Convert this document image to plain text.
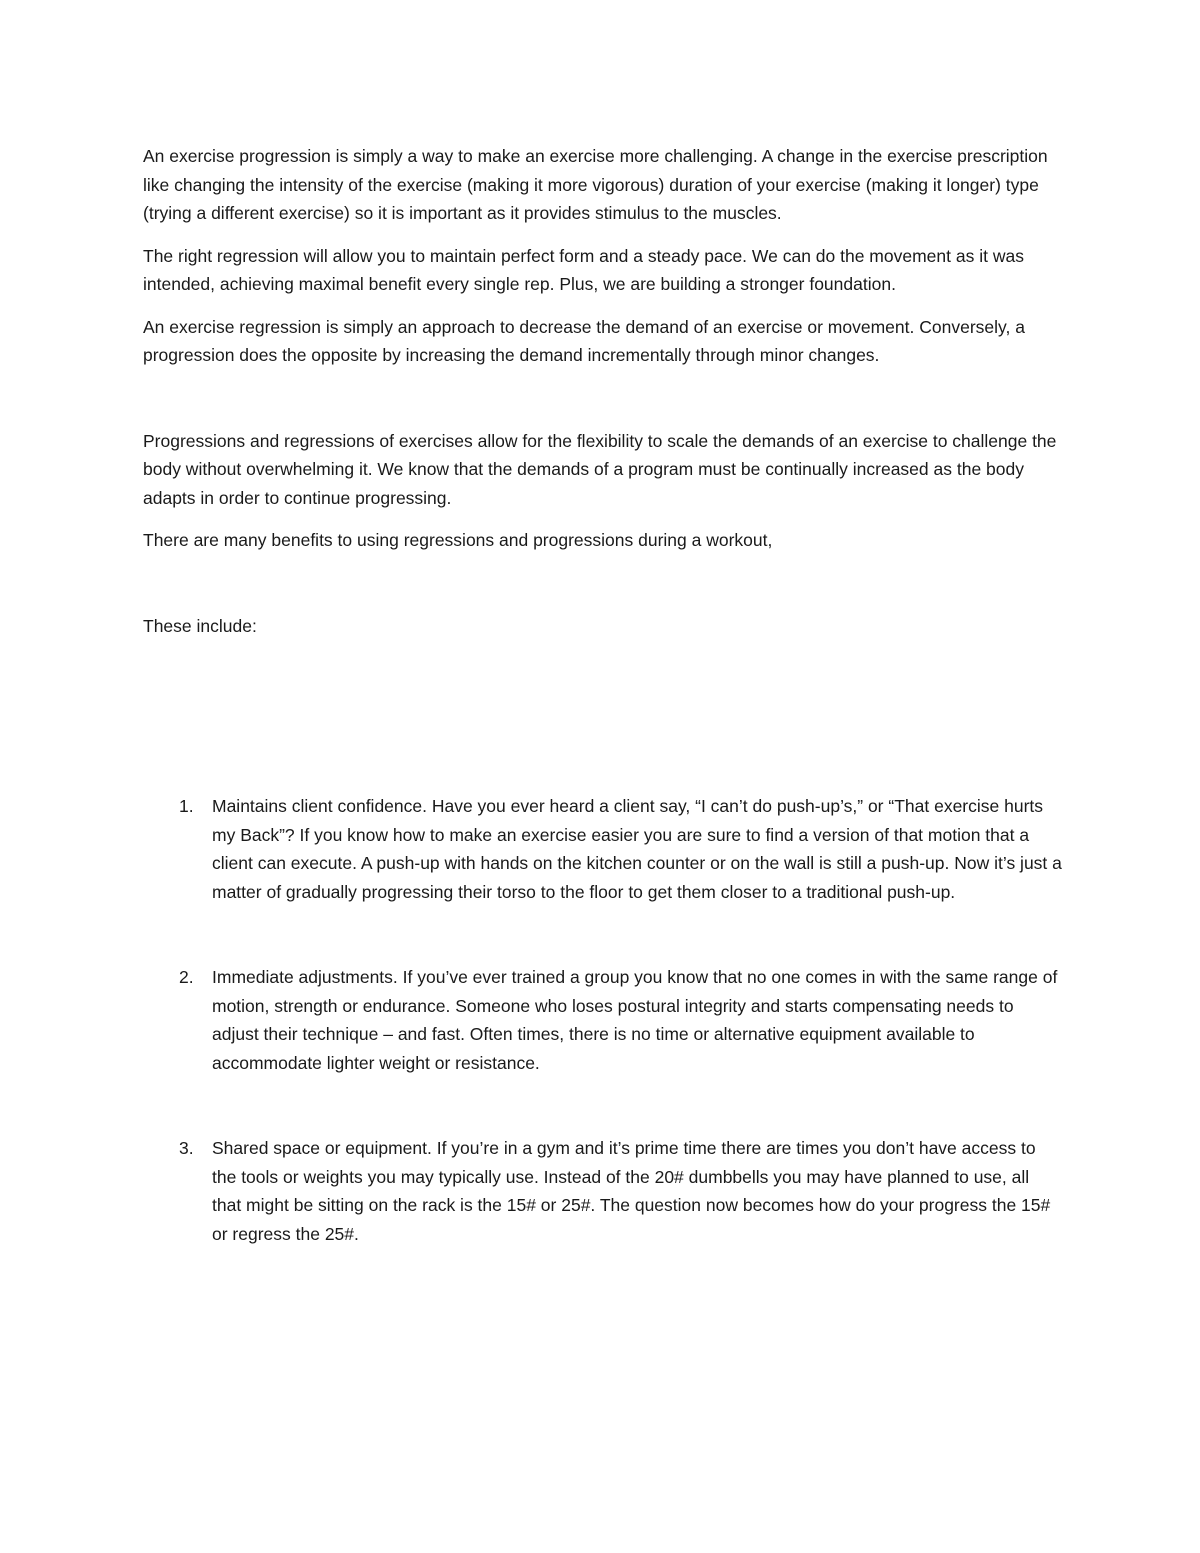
An exercise progression is simply a way to make an exercise more challenging. A change in the exercise prescription like changing the intensity of the exercise (making it more vigorous) duration of your exercise (making it longer) type (trying a different exercise) so it is important as it provides stimulus to the muscles.

The right regression will allow you to maintain perfect form and a steady pace. We can do the movement as it was intended, achieving maximal benefit every single rep. Plus, we are building a stronger foundation.

An exercise regression is simply an approach to decrease the demand of an exercise or movement. Conversely, a progression does the opposite by increasing the demand incrementally through minor changes.

Progressions and regressions of exercises allow for the flexibility to scale the demands of an exercise to challenge the body without overwhelming it. We know that the demands of a program must be continually increased as the body adapts in order to continue progressing.

There are many benefits to using regressions and progressions during a workout,

These include:

1. Maintains client confidence. Have you ever heard a client say, “I can’t do push-up’s,” or “That exercise hurts my Back”? If you know how to make an exercise easier you are sure to find a version of that motion that a client can execute. A push-up with hands on the kitchen counter or on the wall is still a push-up. Now it’s just a matter of gradually progressing their torso to the floor to get them closer to a traditional push-up.
2. Immediate adjustments. If you’ve ever trained a group you know that no one comes in with the same range of motion, strength or endurance. Someone who loses postural integrity and starts compensating needs to adjust their technique – and fast. Often times, there is no time or alternative equipment available to accommodate lighter weight or resistance.
3. Shared space or equipment. If you’re in a gym and it’s prime time there are times you don’t have access to the tools or weights you may typically use. Instead of the 20# dumbbells you may have planned to use, all that might be sitting on the rack is the 15# or 25#. The question now becomes how do your progress the 15# or regress the 25#.
